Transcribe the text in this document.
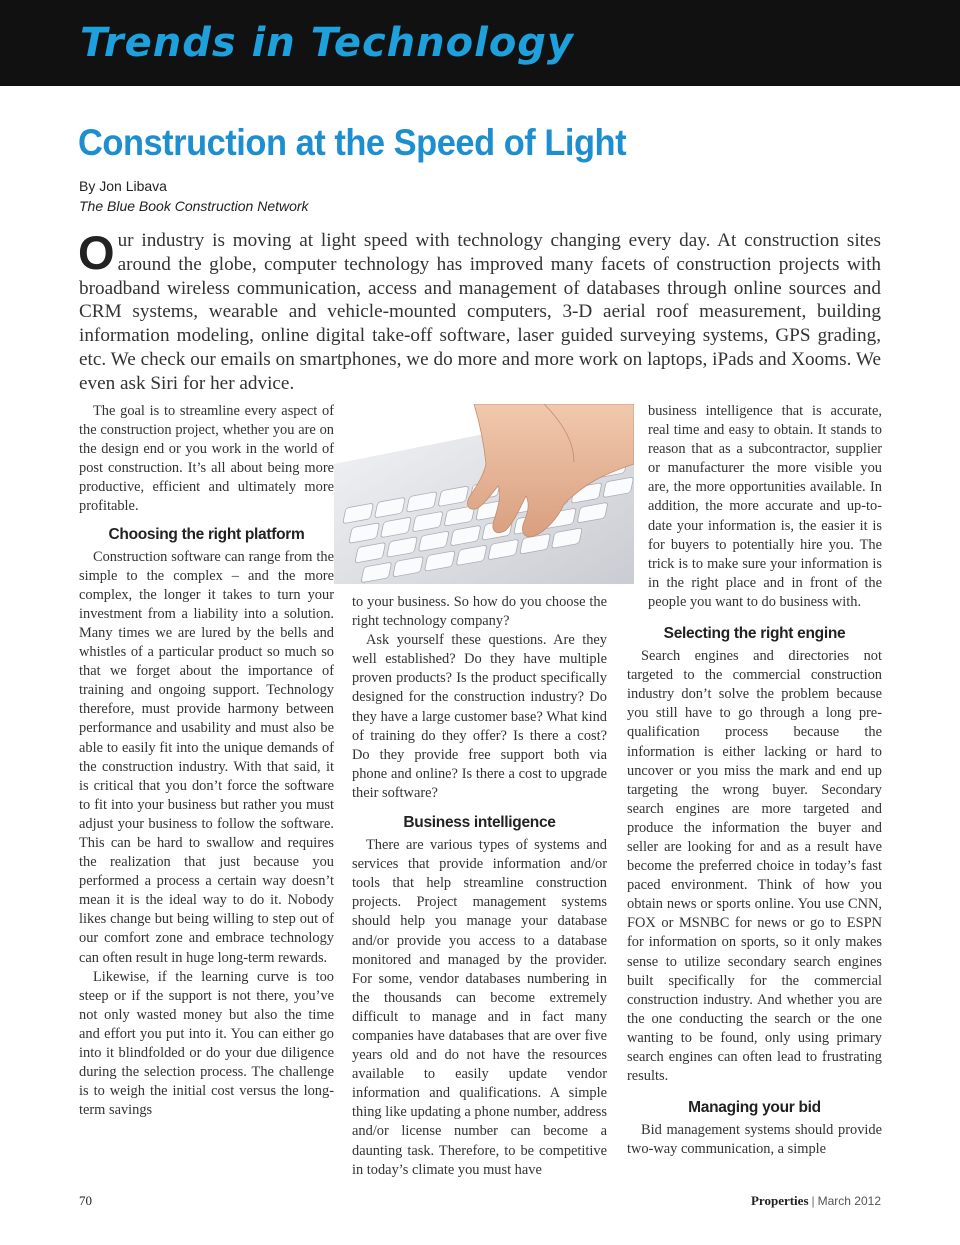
Trends in Technology
Construction at the Speed of Light
By Jon Libava
The Blue Book Construction Network
Our industry is moving at light speed with technology changing every day. At construction sites around the globe, computer technology has improved many facets of construction projects with broadband wireless communication, access and management of databases through online sources and CRM systems, wearable and vehicle-mounted computers, 3-D aerial roof measurement, building information modeling, online digital take-off software, laser guided surveying systems, GPS grading, etc. We check our emails on smartphones, we do more and more work on laptops, iPads and Xooms. We even ask Siri for her advice.

The goal is to streamline every aspect of the construction project, whether you are on the design end or you work in the world of post construction. It’s all about being more productive, efficient and ultimately more profitable.

Choosing the right platform

Construction software can range from the simple to the complex – and the more complex, the longer it takes to turn your investment from a liability into a solution. Many times we are lured by the bells and whistles of a particular product so much so that we forget about the importance of training and ongoing support. Technology therefore, must provide harmony between performance and usability and must also be able to easily fit into the unique demands of the construction industry. With that said, it is critical that you don’t force the software to fit into your business but rather you must adjust your business to follow the software. This can be hard to swallow and requires the realization that just because you performed a process a certain way doesn’t mean it is the ideal way to do it. Nobody likes change but being willing to step out of our comfort zone and embrace technology can often result in huge long-term rewards.

Likewise, if the learning curve is too steep or if the support is not there, you’ve not only wasted money but also the time and effort you put into it. You can either go into it blindfolded or do your due diligence during the selection process. The challenge is to weigh the initial cost versus the long-term savings

to your business. So how do you choose the right technology company?

Ask yourself these questions. Are they well established? Do they have multiple proven products? Is the product specifically designed for the construction industry? Do they have a large customer base? What kind of training do they offer? Is there a cost? Do they provide free support both via phone and online? Is there a cost to upgrade their software?

Business intelligence

There are various types of systems and services that provide information and/or tools that help streamline construction projects. Project management systems should help you manage your database and/or provide you access to a database monitored and managed by the provider. For some, vendor databases numbering in the thousands can become extremely difficult to manage and in fact many companies have databases that are over five years old and do not have the resources available to easily update vendor information and qualifications. A simple thing like updating a phone number, address and/or license number can become a daunting task. Therefore, to be competitive in today’s climate you must have

business intelligence that is accurate, real time and easy to obtain. It stands to reason that as a subcontractor, supplier or manufacturer the more visible you are, the more opportunities available. In addition, the more accurate and up-to-date your information is, the easier it is for buyers to potentially hire you. The trick is to make sure your information is in the right place and in front of the people you want to do business with.

Selecting the right engine

Search engines and directories not targeted to the commercial construction industry don’t solve the problem because you still have to go through a long pre-qualification process because the information is either lacking or hard to uncover or you miss the mark and end up targeting the wrong buyer. Secondary search engines are more targeted and produce the information the buyer and seller are looking for and as a result have become the preferred choice in today’s fast paced environment. Think of how you obtain news or sports online. You use CNN, FOX or MSNBC for news or go to ESPN for information on sports, so it only makes sense to utilize secondary search engines built specifically for the commercial construction industry. And whether you are the one conducting the search or the one wanting to be found, only using primary search engines can often lead to frustrating results.

Managing your bid

Bid management systems should provide two-way communication, a simple

70	Properties | March 2012
